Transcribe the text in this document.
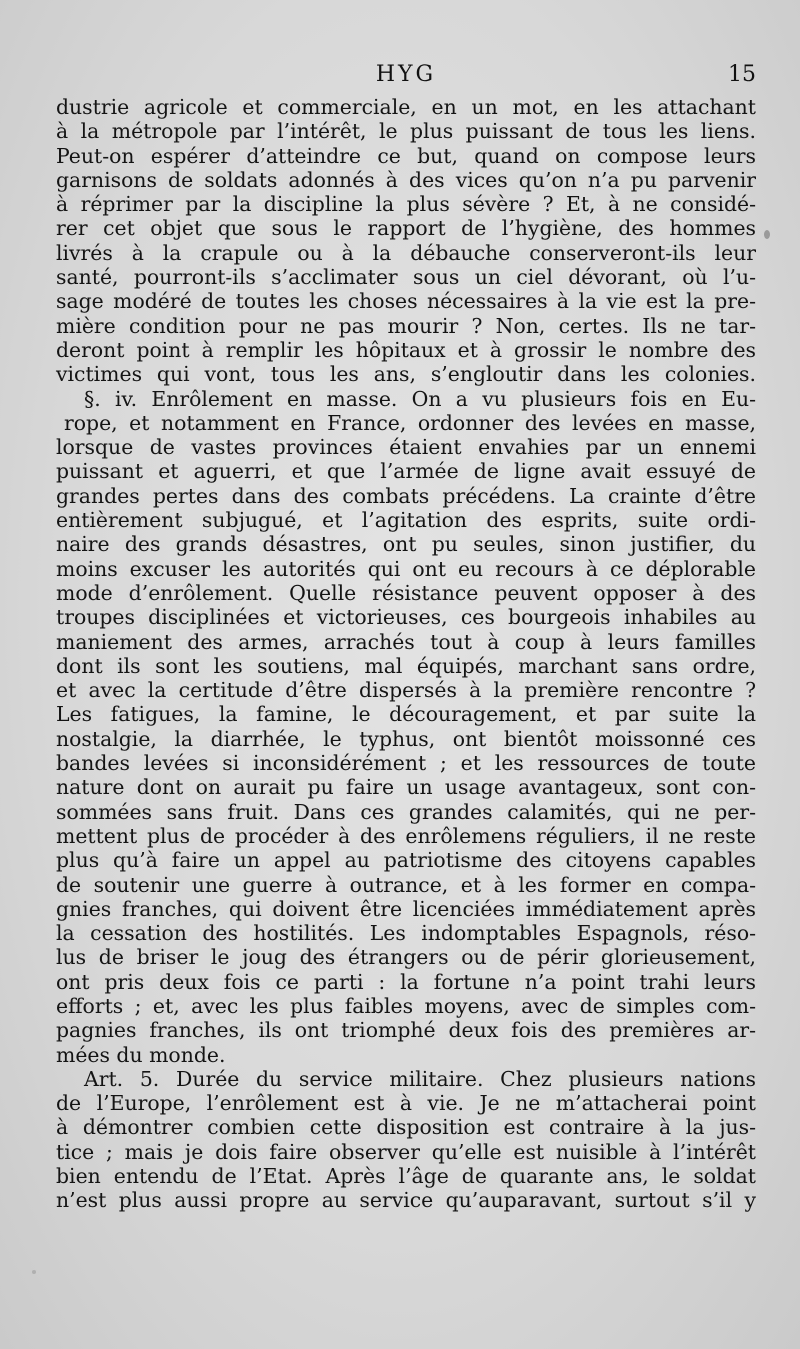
HYG	15
dustrie agricole et commerciale, en un mot, en les attachant
à la métropole par l’intérêt, le plus puissant de tous les liens.
Peut-on espérer d’atteindre ce but, quand on compose leurs
garnisons de soldats adonnés à des vices qu’on n’a pu parvenir
à réprimer par la discipline la plus sévère ? Et, à ne considé-
rer cet objet que sous le rapport de l’hygiène, des hommes
livrés à la crapule ou à la débauche conserveront-ils leur
santé, pourront-ils s’acclimater sous un ciel dévorant, où l’u-
sage modéré de toutes les choses nécessaires à la vie est la pre-
mière condition pour ne pas mourir ? Non, certes. Ils ne tar-
deront point à remplir les hôpitaux et à grossir le nombre des
victimes qui vont, tous les ans, s’engloutir dans les colonies.
§. iv. Enrôlement en masse. On a vu plusieurs fois en Eu-
rope, et notamment en France, ordonner des levées en masse,
lorsque de vastes provinces étaient envahies par un ennemi
puissant et aguerri, et que l’armée de ligne avait essuyé de
grandes pertes dans des combats précédens. La crainte d’être
entièrement subjugué, et l’agitation des esprits, suite ordi-
naire des grands désastres, ont pu seules, sinon justifier, du
moins excuser les autorités qui ont eu recours à ce déplorable
mode d’enrôlement. Quelle résistance peuvent opposer à des
troupes disciplinées et victorieuses, ces bourgeois inhabiles au
maniement des armes, arrachés tout à coup à leurs familles
dont ils sont les soutiens, mal équipés, marchant sans ordre,
et avec la certitude d’être dispersés à la première rencontre ?
Les fatigues, la famine, le découragement, et par suite la
nostalgie, la diarrhée, le typhus, ont bientôt moissonné ces
bandes levées si inconsidérément ; et les ressources de toute
nature dont on aurait pu faire un usage avantageux, sont con-
sommées sans fruit. Dans ces grandes calamités, qui ne per-
mettent plus de procéder à des enrôlemens réguliers, il ne reste
plus qu’à faire un appel au patriotisme des citoyens capables
de soutenir une guerre à outrance, et à les former en compa-
gnies franches, qui doivent être licenciées immédiatement après
la cessation des hostilités. Les indomptables Espagnols, réso-
lus de briser le joug des étrangers ou de périr glorieusement,
ont pris deux fois ce parti : la fortune n’a point trahi leurs
efforts ; et, avec les plus faibles moyens, avec de simples com-
pagnies franches, ils ont triomphé deux fois des premières ar-
mées du monde.
Art. 5. Durée du service militaire. Chez plusieurs nations
de l’Europe, l’enrôlement est à vie. Je ne m’attacherai point
à démontrer combien cette disposition est contraire à la jus-
tice ; mais je dois faire observer qu’elle est nuisible à l’intérêt
bien entendu de l’Etat. Après l’âge de quarante ans, le soldat
n’est plus aussi propre au service qu’auparavant, surtout s’il y
